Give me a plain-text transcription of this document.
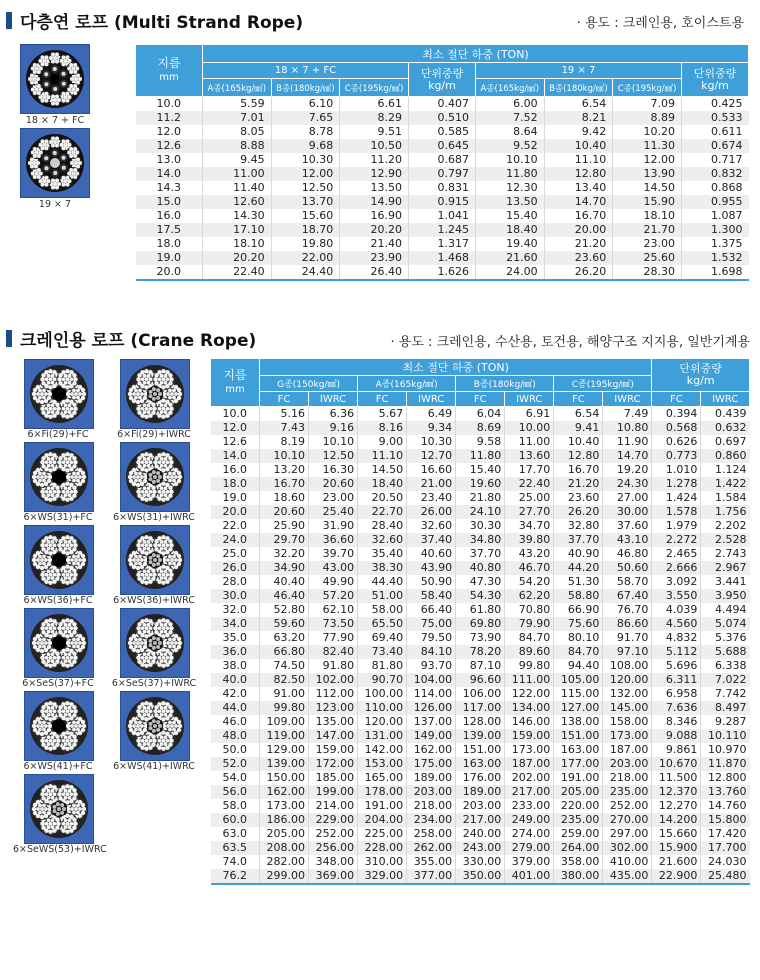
다층연 로프 (Multi Strand Rope)	· 용도 : 크레인용, 호이스트용
18 × 7 + FC
19 × 7
지름
mm	최소 절단 하중 (TON)							
	18 × 7 + FC			단위중량
kg/m	19 × 7			단위중량
kg/m
	A종(165kg/㎟)	B종(180kg/㎟)	C종(195kg/㎟)		A종(165kg/㎟)	B종(180kg/㎟)	C종(195kg/㎟)	
10.0	5.59	6.10	6.61	0.407	6.00	6.54	7.09	0.425
11.2	7.01	7.65	8.29	0.510	7.52	8.21	8.89	0.533
12.0	8.05	8.78	9.51	0.585	8.64	9.42	10.20	0.611
12.6	8.88	9.68	10.50	0.645	9.52	10.40	11.30	0.674
13.0	9.45	10.30	11.20	0.687	10.10	11.10	12.00	0.717
14.0	11.00	12.00	12.90	0.797	11.80	12.80	13.90	0.832
14.3	11.40	12.50	13.50	0.831	12.30	13.40	14.50	0.868
15.0	12.60	13.70	14.90	0.915	13.50	14.70	15.90	0.955
16.0	14.30	15.60	16.90	1.041	15.40	16.70	18.10	1.087
17.5	17.10	18.70	20.20	1.245	18.40	20.00	21.70	1.300
18.0	18.10	19.80	21.40	1.317	19.40	21.20	23.00	1.375
19.0	20.20	22.00	23.90	1.468	21.60	23.60	25.60	1.532
20.0	22.40	24.40	26.40	1.626	24.00	26.20	28.30	1.698
크레인용 로프 (Crane Rope)	· 용도 : 크레인용, 수산용, 토건용, 해양구조 지지용, 일반기계용
6×Fi(29)+FC	6×Fi(29)+IWRC
6×WS(31)+FC	6×WS(31)+IWRC
6×WS(36)+FC	6×WS(36)+IWRC
6×SeS(37)+FC	6×SeS(37)+IWRC
6×WS(41)+FC	6×WS(41)+IWRC
6×SeWS(53)+IWRC
지름
mm	최소 절단 하중 (TON)								단위중량
kg/m	
	G종(150kg/㎟)		A종(165kg/㎟)		B종(180kg/㎟)		C종(195kg/㎟)			
	FC	IWRC	FC	IWRC	FC	IWRC	FC	IWRC	FC	IWRC
10.0	5.16	6.36	5.67	6.49	6.04	6.91	6.54	7.49	0.394	0.439
12.0	7.43	9.16	8.16	9.34	8.69	10.00	9.41	10.80	0.568	0.632
12.6	8.19	10.10	9.00	10.30	9.58	11.00	10.40	11.90	0.626	0.697
14.0	10.10	12.50	11.10	12.70	11.80	13.60	12.80	14.70	0.773	0.860
16.0	13.20	16.30	14.50	16.60	15.40	17.70	16.70	19.20	1.010	1.124
18.0	16.70	20.60	18.40	21.00	19.60	22.40	21.20	24.30	1.278	1.422
19.0	18.60	23.00	20.50	23.40	21.80	25.00	23.60	27.00	1.424	1.584
20.0	20.60	25.40	22.70	26.00	24.10	27.70	26.20	30.00	1.578	1.756
22.0	25.90	31.90	28.40	32.60	30.30	34.70	32.80	37.60	1.979	2.202
24.0	29.70	36.60	32.60	37.40	34.80	39.80	37.70	43.10	2.272	2.528
25.0	32.20	39.70	35.40	40.60	37.70	43.20	40.90	46.80	2.465	2.743
26.0	34.90	43.00	38.30	43.90	40.80	46.70	44.20	50.60	2.666	2.967
28.0	40.40	49.90	44.40	50.90	47.30	54.20	51.30	58.70	3.092	3.441
30.0	46.40	57.20	51.00	58.40	54.30	62.20	58.80	67.40	3.550	3.950
32.0	52.80	62.10	58.00	66.40	61.80	70.80	66.90	76.70	4.039	4.494
34.0	59.60	73.50	65.50	75.00	69.80	79.90	75.60	86.60	4.560	5.074
35.0	63.20	77.90	69.40	79.50	73.90	84.70	80.10	91.70	4.832	5.376
36.0	66.80	82.40	73.40	84.10	78.20	89.60	84.70	97.10	5.112	5.688
38.0	74.50	91.80	81.80	93.70	87.10	99.80	94.40	108.00	5.696	6.338
40.0	82.50	102.00	90.70	104.00	96.60	111.00	105.00	120.00	6.311	7.022
42.0	91.00	112.00	100.00	114.00	106.00	122.00	115.00	132.00	6.958	7.742
44.0	99.80	123.00	110.00	126.00	117.00	134.00	127.00	145.00	7.636	8.497
46.0	109.00	135.00	120.00	137.00	128.00	146.00	138.00	158.00	8.346	9.287
48.0	119.00	147.00	131.00	149.00	139.00	159.00	151.00	173.00	9.088	10.110
50.0	129.00	159.00	142.00	162.00	151.00	173.00	163.00	187.00	9.861	10.970
52.0	139.00	172.00	153.00	175.00	163.00	187.00	177.00	203.00	10.670	11.870
54.0	150.00	185.00	165.00	189.00	176.00	202.00	191.00	218.00	11.500	12.800
56.0	162.00	199.00	178.00	203.00	189.00	217.00	205.00	235.00	12.370	13.760
58.0	173.00	214.00	191.00	218.00	203.00	233.00	220.00	252.00	12.270	14.760
60.0	186.00	229.00	204.00	234.00	217.00	249.00	235.00	270.00	14.200	15.800
63.0	205.00	252.00	225.00	258.00	240.00	274.00	259.00	297.00	15.660	17.420
63.5	208.00	256.00	228.00	262.00	243.00	279.00	264.00	302.00	15.900	17.700
74.0	282.00	348.00	310.00	355.00	330.00	379.00	358.00	410.00	21.600	24.030
76.2	299.00	369.00	329.00	377.00	350.00	401.00	380.00	435.00	22.900	25.480
